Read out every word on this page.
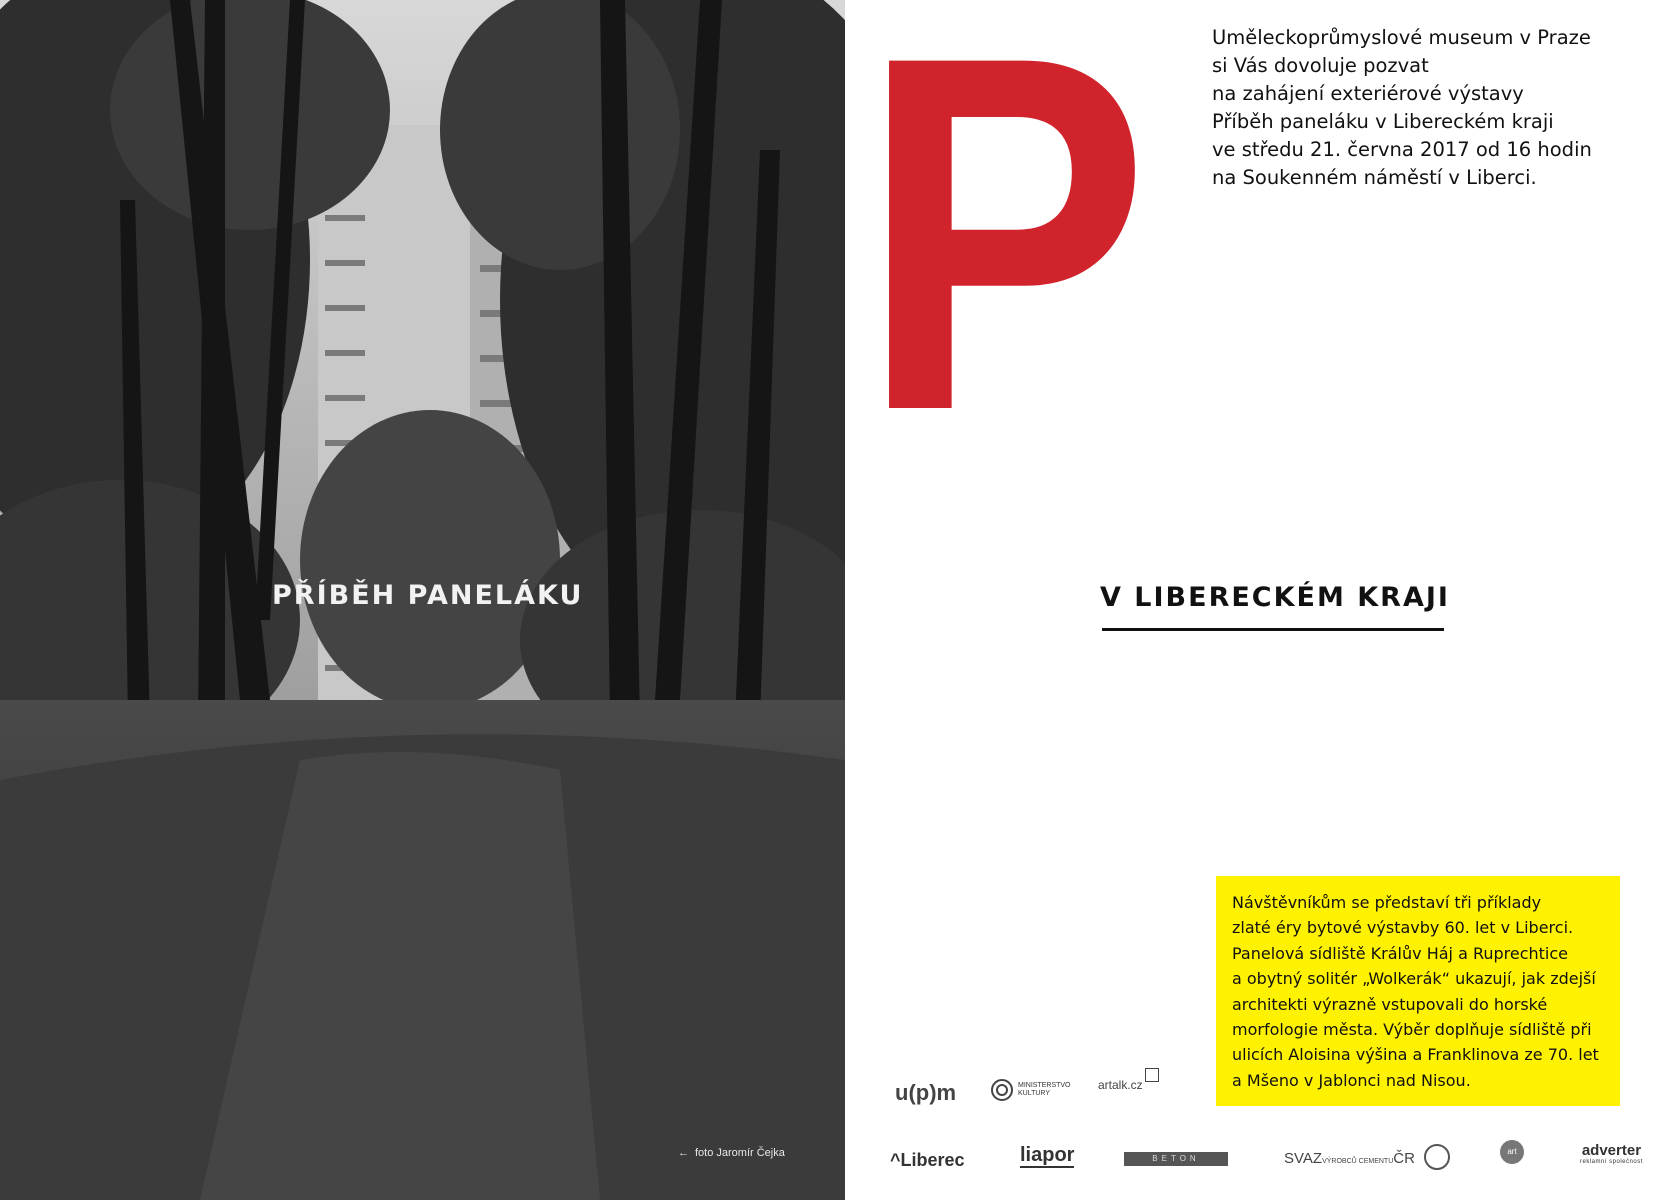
PŘÍBĚH PANELÁKU
← foto Jaromír Čejka
P	Uměleckoprůmyslové museum v Praze
si Vás dovoluje pozvat
na zahájení exteriérové výstavy
Příběh paneláku v Libereckém kraji
ve středu 21. června 2017 od 16 hodin
na Soukenném náměstí v Liberci.
V LIBERECKÉM KRAJI
Návštěvníkům se představí tři příklady
zlaté éry bytové výstavby 60. let v Liberci.
Panelová sídliště Králův Háj a Ruprechtice
a obytný solitér „Wolkerák“ ukazují, jak zdejší
architekti výrazně vstupovali do horské
morfologie města. Výběr doplňuje sídliště při
ulicích Aloisina výšina a Franklinova ze 70. let
a Mšeno v Jablonci nad Nisou.
u(p)m	MINISTERSTVO
KULTURY
artalk.cz
^Liberec	liapor	BETON	SVAZVÝROBCŮ CEMENTUČR	art	adverter
reklamní společnost
